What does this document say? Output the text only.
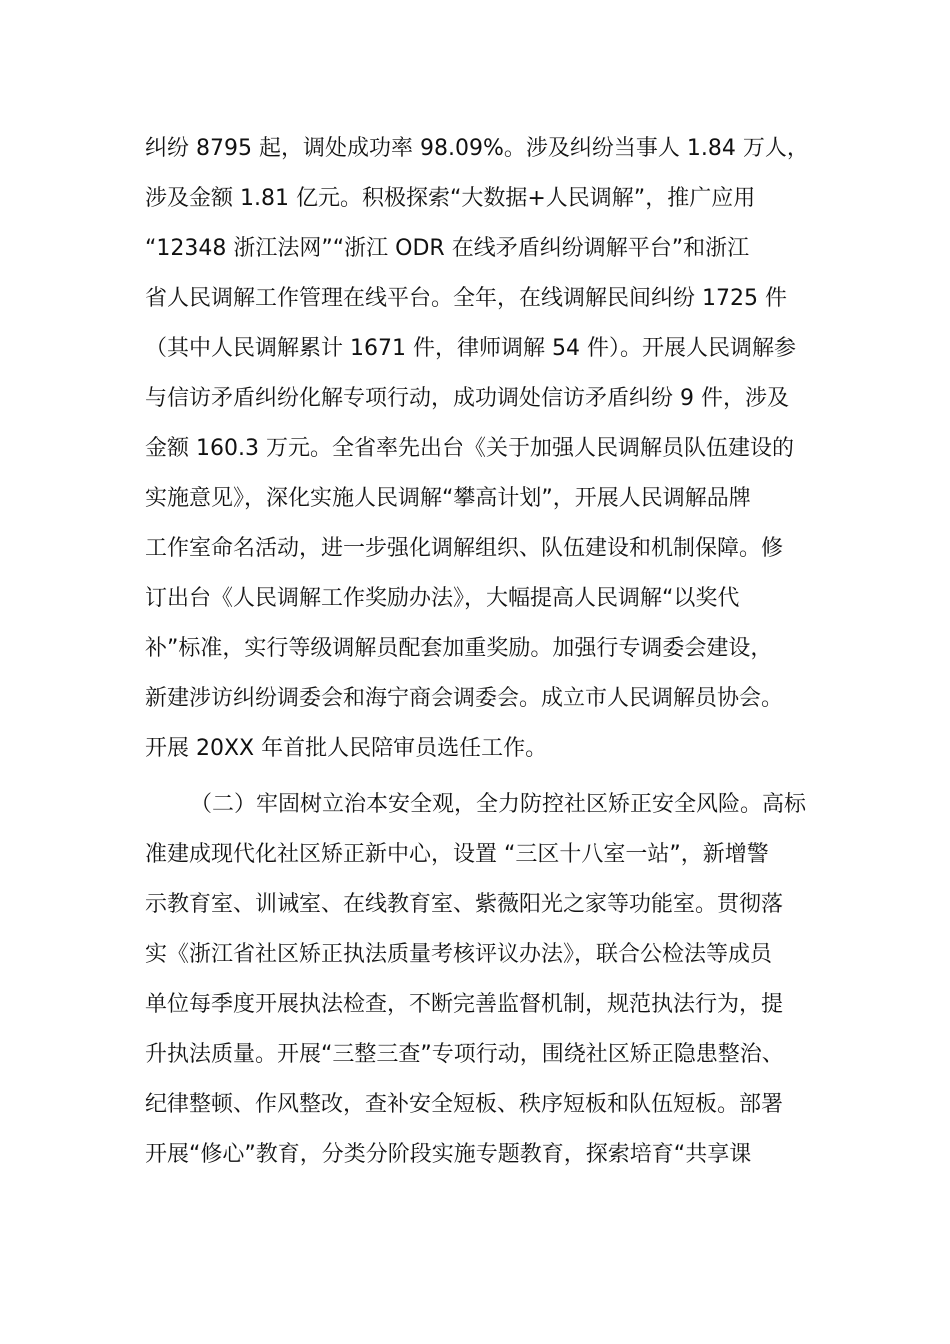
纠纷 8795 起，调处成功率 98.09%。涉及纠纷当事人 1.84 万人，
涉及金额 1.81 亿元。积极探索“大数据+人民调解”，推广应用
“12348 浙江法网”“浙江 ODR 在线矛盾纠纷调解平台”和浙江
省人民调解工作管理在线平台。全年，在线调解民间纠纷 1725 件
（其中人民调解累计 1671 件，律师调解 54 件）。开展人民调解参
与信访矛盾纠纷化解专项行动，成功调处信访矛盾纠纷 9 件，涉及
金额 160.3 万元。全省率先出台《关于加强人民调解员队伍建设的
实施意见》，深化实施人民调解“攀高计划”，开展人民调解品牌
工作室命名活动，进一步强化调解组织、队伍建设和机制保障。修
订出台《人民调解工作奖励办法》，大幅提高人民调解“以奖代
补”标准，实行等级调解员配套加重奖励。加强行专调委会建设，
新建涉访纠纷调委会和海宁商会调委会。成立市人民调解员协会。
开展 20XX 年首批人民陪审员选任工作。
（二）牢固树立治本安全观，全力防控社区矫正安全风险。高标
准建成现代化社区矫正新中心，设置 “三区十八室一站”，新增警
示教育室、训诫室、在线教育室、紫薇阳光之家等功能室。贯彻落
实《浙江省社区矫正执法质量考核评议办法》，联合公检法等成员
单位每季度开展执法检查，不断完善监督机制，规范执法行为，提
升执法质量。开展“三整三查”专项行动，围绕社区矫正隐患整治、
纪律整顿、作风整改，查补安全短板、秩序短板和队伍短板。部署
开展“修心”教育，分类分阶段实施专题教育，探索培育“共享课
